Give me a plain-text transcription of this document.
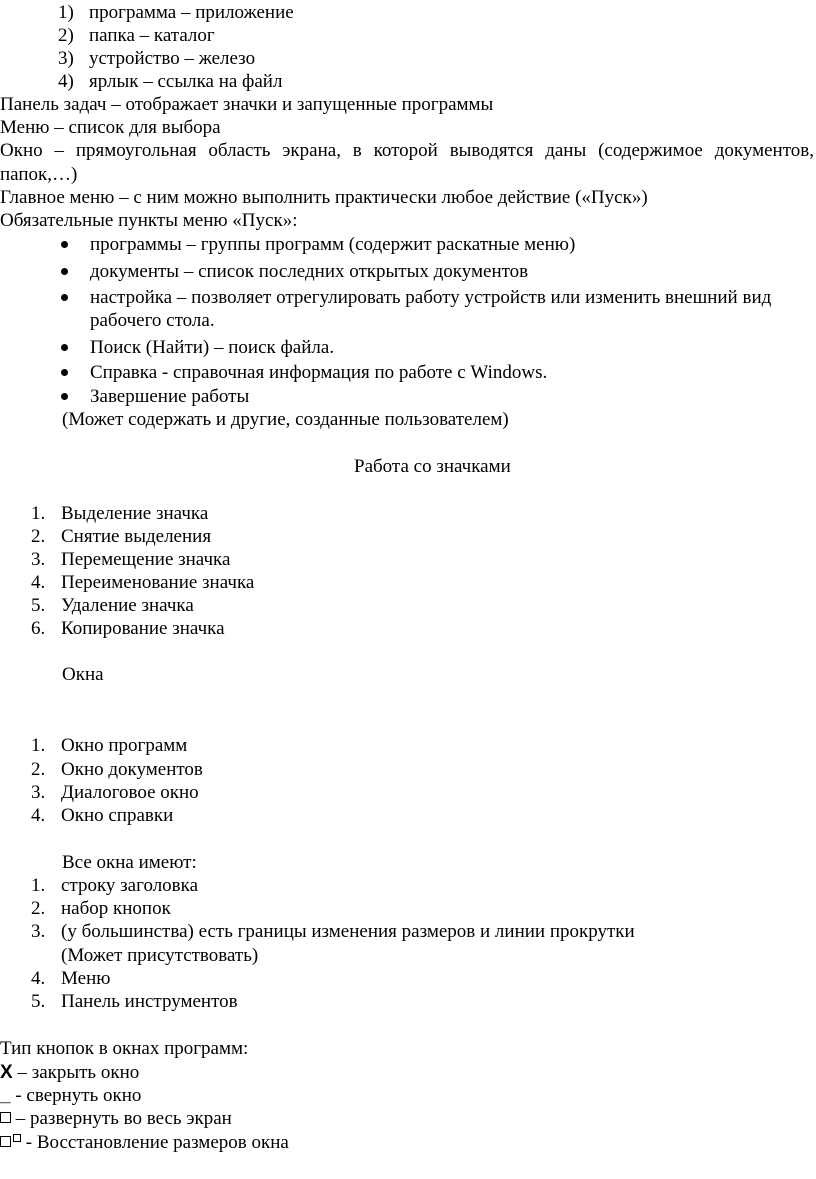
1) программа – приложение
2) папка – каталог
3) устройство – железо
4) ярлык – ссылка на файл
Панель задач – отображает значки и запущенные программы
Меню – список для выбора
Окно – прямоугольная область экрана, в которой выводятся даны (содержимое документов,
папок,…)
Главное меню – с ним можно выполнить практически любое действие («Пуск»)
Обязательные пункты меню «Пуск»:
программы – группы программ (содержит раскатные меню)
документы – список последних открытых документов
настройка – позволяет отрегулировать работу устройств или изменить внешний вид
рабочего стола.
Поиск (Найти) – поиск файла.
Справка - справочная информация по работе с Windows.
Завершение работы
(Может содержать и другие, созданные пользователем)
Работа со значками
1. Выделение значка
2. Снятие выделения
3. Перемещение значка
4. Переименование значка
5. Удаление значка
6. Копирование значка
Окна
1. Окно программ
2. Окно документов
3. Диалоговое окно
4. Окно справки
Все окна имеют:
1. строку заголовка
2. набор кнопок
3. (у большинства) есть границы изменения размеров и линии прокрутки
(Может присутствовать)
4. Меню
5. Панель инструментов
Тип кнопок в окнах программ:
X – закрыть окно
_ - свернуть окно
– развернуть во весь экран
- Восстановление размеров окна
